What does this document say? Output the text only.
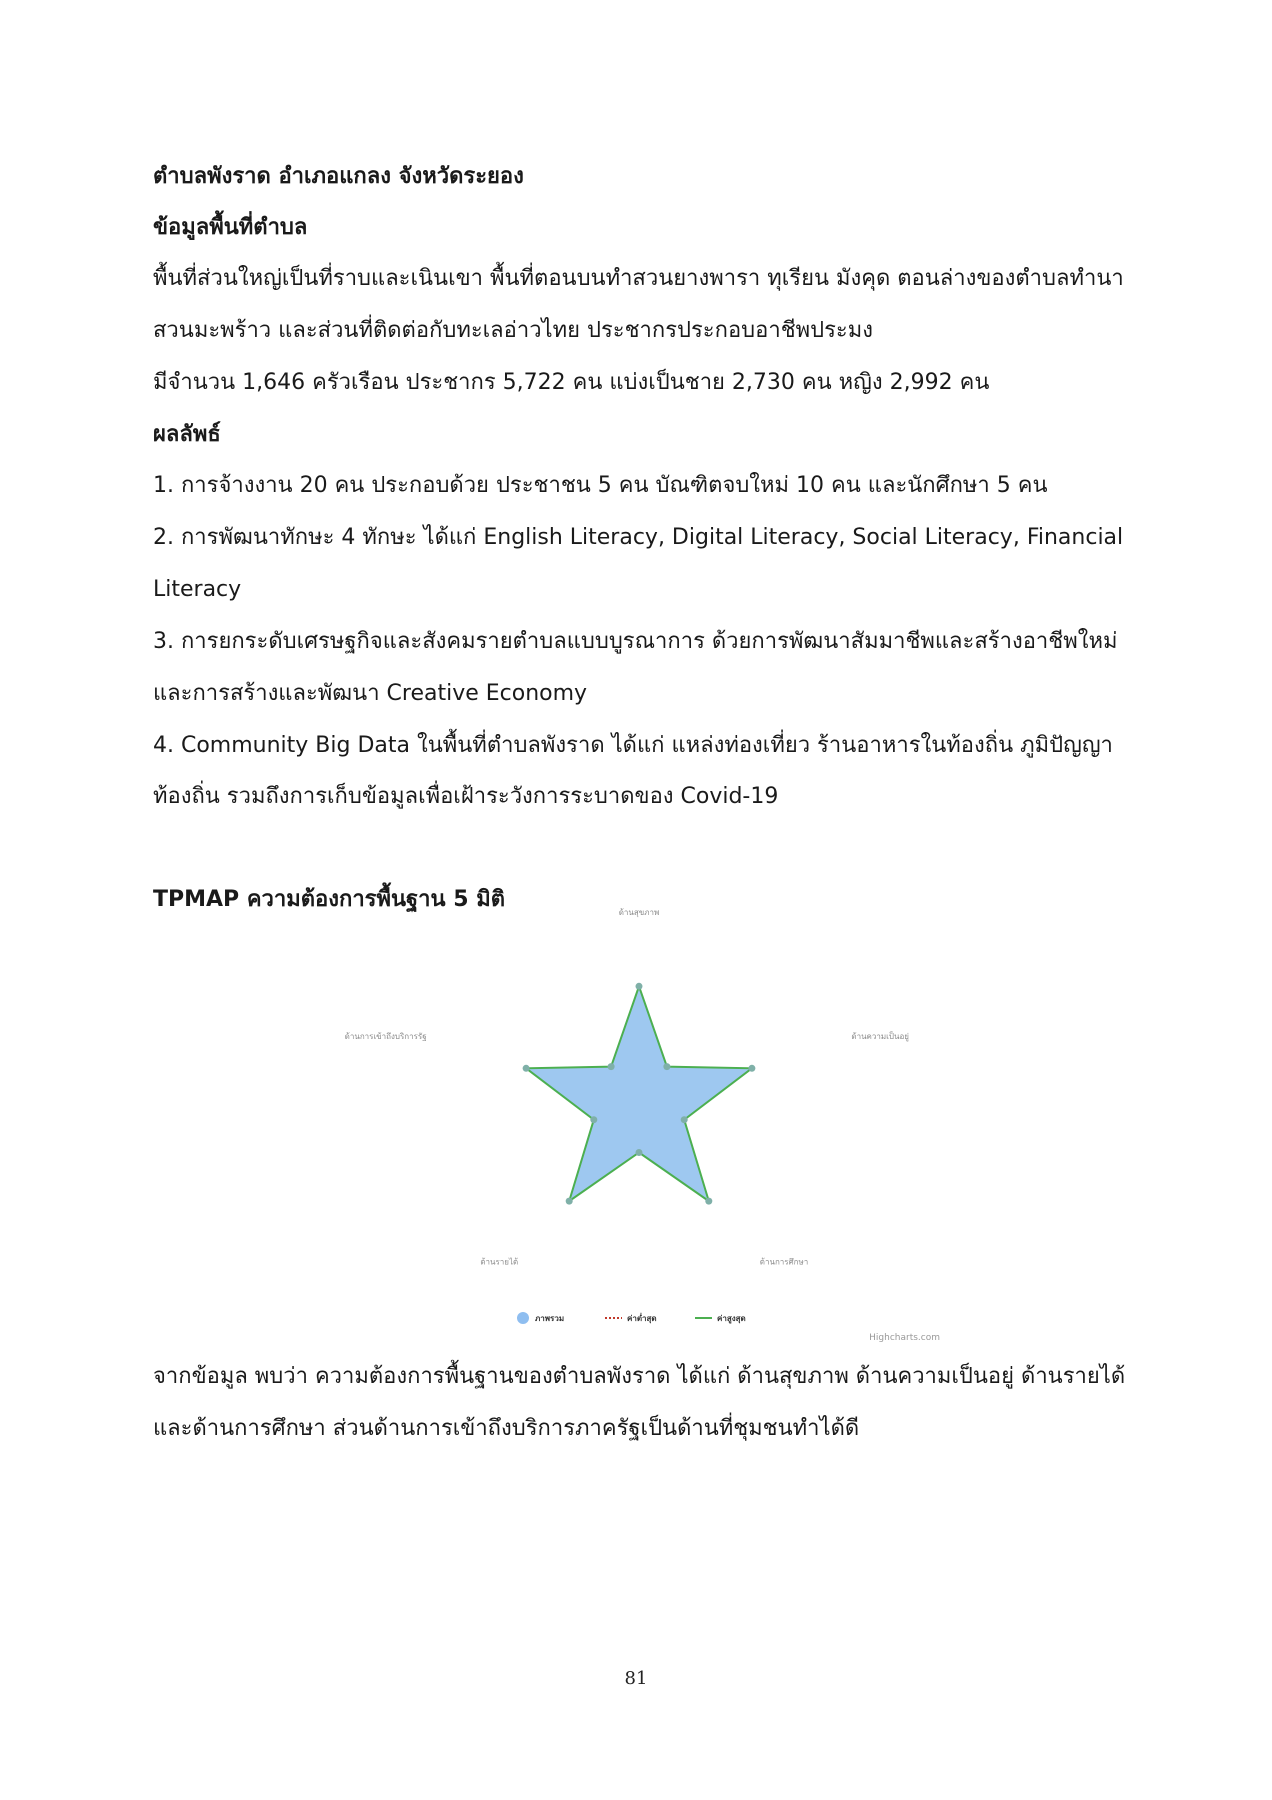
ตำบลพังราด อำเภอแกลง จังหวัดระยอง
ข้อมูลพื้นที่ตำบล
พื้นที่ส่วนใหญ่เป็นที่ราบและเนินเขา พื้นที่ตอนบนทำสวนยางพารา ทุเรียน มังคุด ตอนล่างของตำบลทำนา
สวนมะพร้าว และส่วนที่ติดต่อกับทะเลอ่าวไทย ประชากรประกอบอาชีพประมง
มีจำนวน 1,646 ครัวเรือน ประชากร 5,722 คน แบ่งเป็นชาย 2,730 คน หญิง 2,992 คน
ผลลัพธ์
1. การจ้างงาน 20 คน ประกอบด้วย ประชาชน 5 คน บัณฑิตจบใหม่ 10 คน และนักศึกษา 5 คน
2. การพัฒนาทักษะ 4 ทักษะ ได้แก่ English Literacy, Digital Literacy, Social Literacy, Financial
Literacy
3. การยกระดับเศรษฐกิจและสังคมรายตำบลแบบบูรณาการ ด้วยการพัฒนาสัมมาชีพและสร้างอาชีพใหม่
และการสร้างและพัฒนา Creative Economy
4. Community Big Data ในพื้นที่ตำบลพังราด ได้แก่ แหล่งท่องเที่ยว ร้านอาหารในท้องถิ่น ภูมิปัญญา
ท้องถิ่น รวมถึงการเก็บข้อมูลเพื่อเฝ้าระวังการระบาดของ Covid-19
TPMAP ความต้องการพื้นฐาน 5 มิติ
ด้านสุขภาพ
ด้านความเป็นอยู่
ด้านการศึกษา
ด้านรายได้
ด้านการเข้าถึงบริการรัฐ
ภาพรวม	ค่าต่ำสุด	ค่าสูงสุด
Highcharts.com
จากข้อมูล พบว่า ความต้องการพื้นฐานของตำบลพังราด ได้แก่ ด้านสุขภาพ ด้านความเป็นอยู่ ด้านรายได้
และด้านการศึกษา ส่วนด้านการเข้าถึงบริการภาครัฐเป็นด้านที่ชุมชนทำได้ดี
81
